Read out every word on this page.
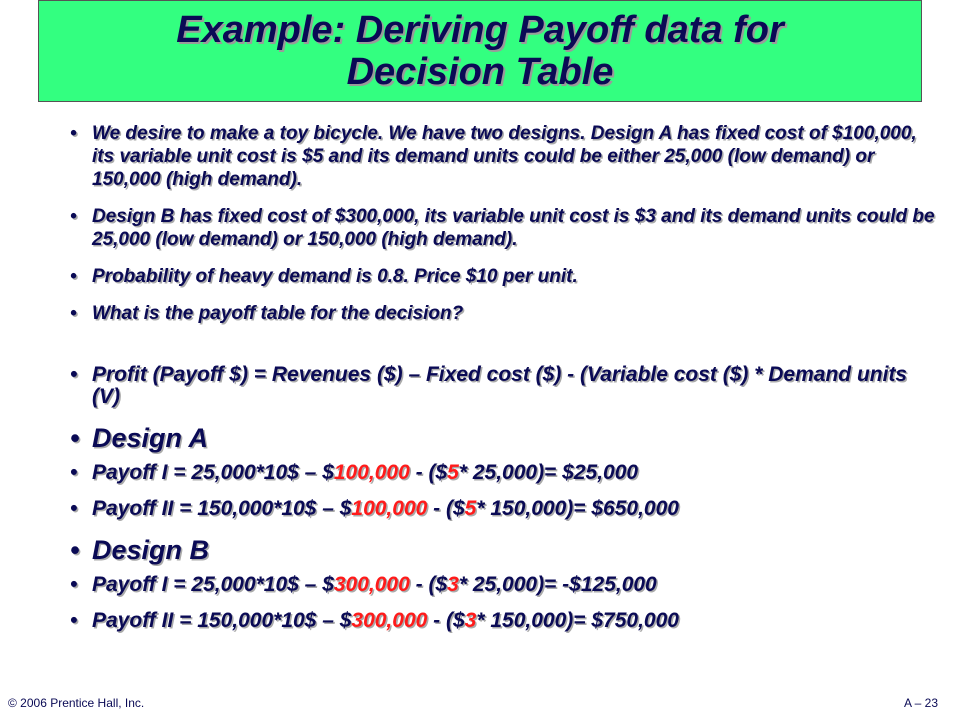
Example: Deriving Payoff data for
Decision Table
• We desire to make a toy bicycle. We have two designs. Design A has fixed cost of $100,000, its variable unit cost is $5 and its demand units could be either 25,000 (low demand) or 150,000 (high demand).
• Design B has fixed cost of $300,000, its variable unit cost is $3 and its demand units could be 25,000 (low demand) or 150,000 (high demand).
• Probability of heavy demand is 0.8. Price $10 per unit.
• What is the payoff table for the decision?
• Profit (Payoff $) = Revenues ($) – Fixed cost ($) - (Variable cost ($) * Demand units (V)
• Design A
• Payoff I = 25,000*10$ – $100,000 - ($5* 25,000)= $25,000
• Payoff II = 150,000*10$ – $100,000 - ($5* 150,000)= $650,000
• Design B
• Payoff I = 25,000*10$ – $300,000 - ($3* 25,000)= -$125,000
• Payoff II = 150,000*10$ – $300,000 - ($3* 150,000)= $750,000
© 2006 Prentice Hall, Inc.	A – 23
